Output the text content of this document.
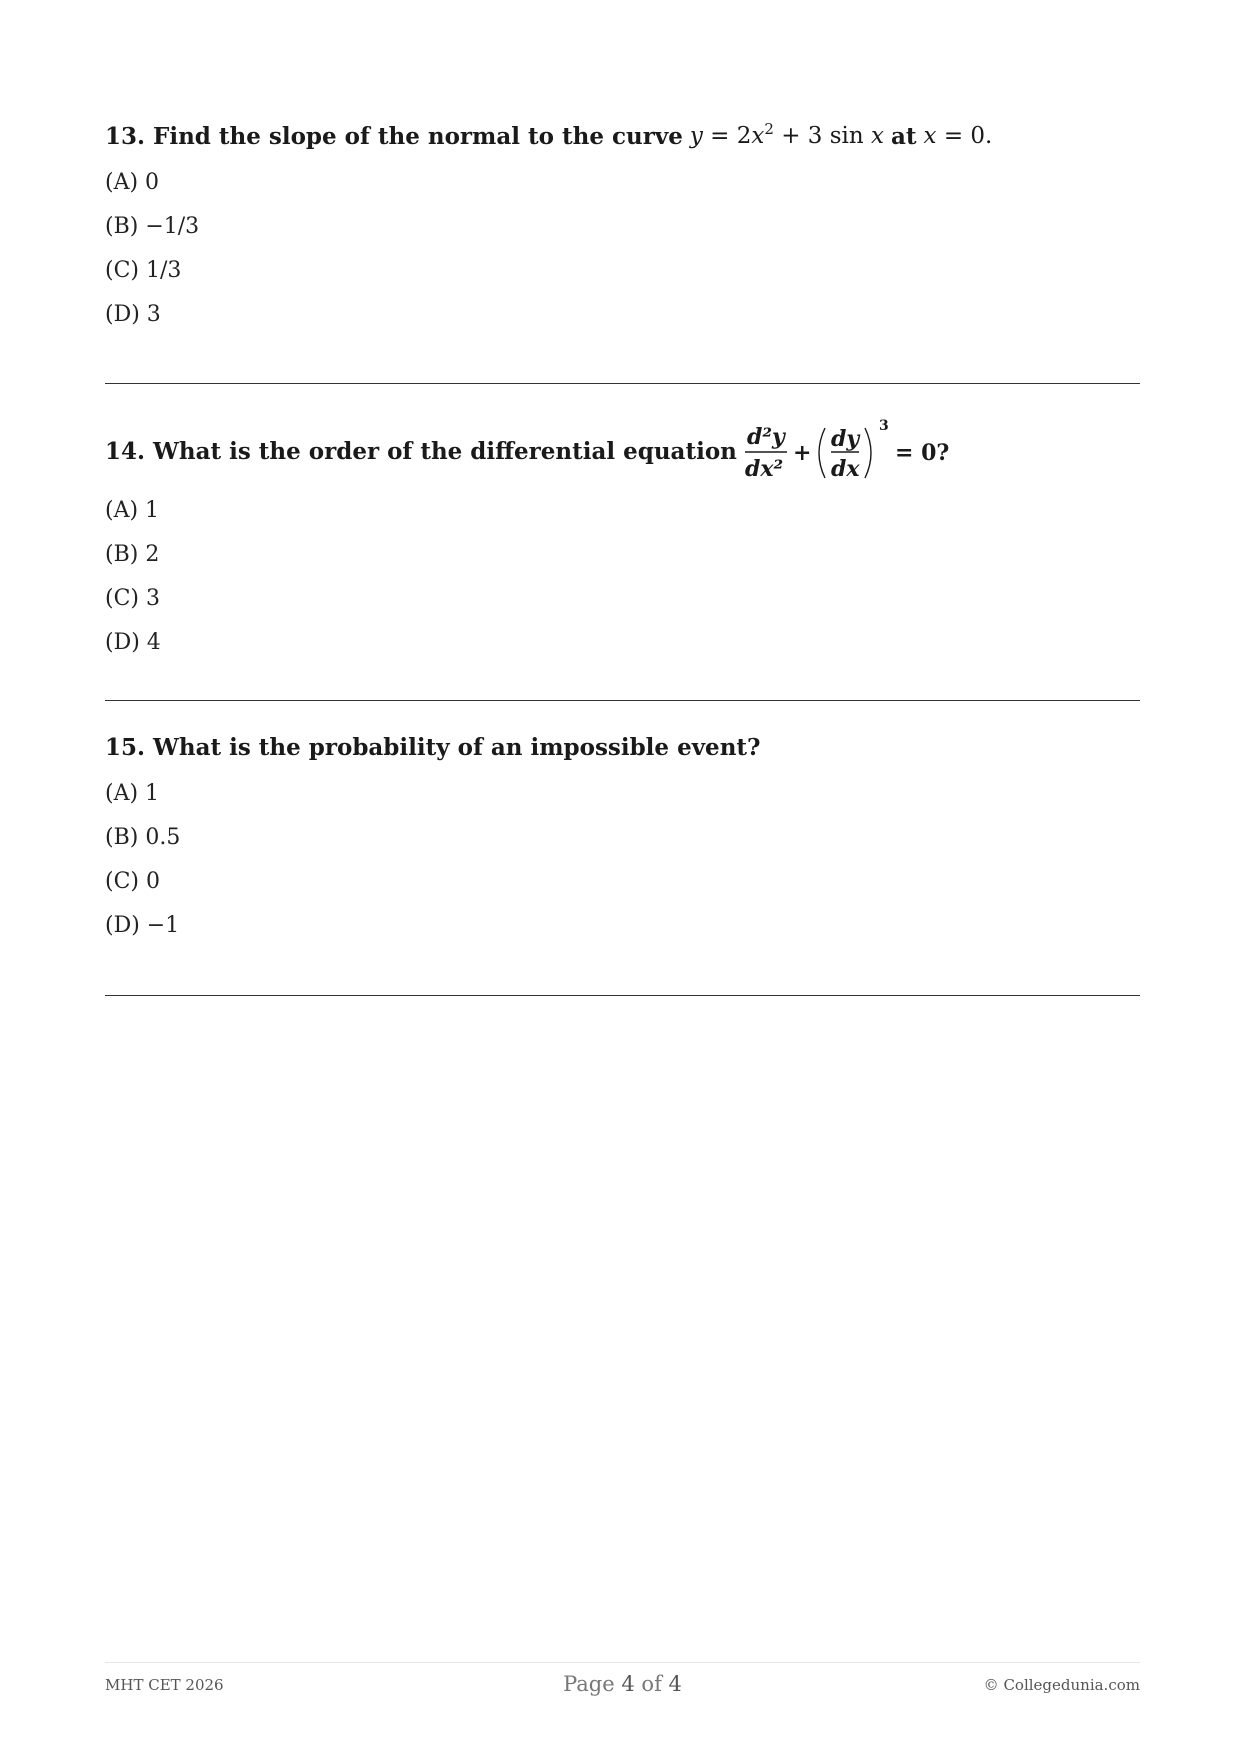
13. Find the slope of the normal to the curve $y = 2x^2 + 3$ sin x at x = 0.
(A) 0
(B) −1/3
(C) 1/3
(D) 3
14. What is the order of the differential equation
d²y
dx²
+
dy
dx
3
= 0?
(A) 1
(B) 2
(C) 3
(D) 4
15. What is the probability of an impossible event?
(A) 1
(B) 0.5
(C) 0
(D) −1
MHT CET 2026	Page 4 of 4	© Collegedunia.com
